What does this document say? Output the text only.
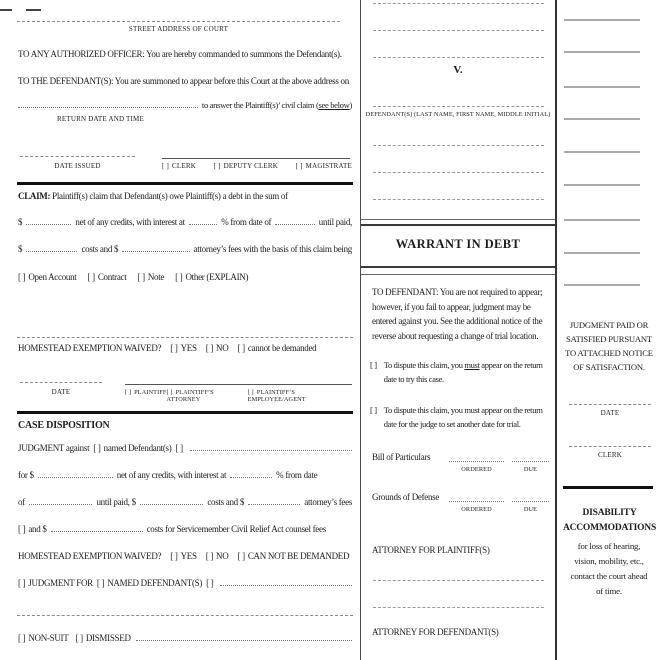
STREET ADDRESS OF COURT
TO ANY AUTHORIZED OFFICER: You are hereby commanded to summons the Defendant(s).
TO THE DEFENDANT(S): You are summoned to appear before this Court at the above address on
to answer the Plaintiff(s)’ civil claim (see below)
RETURN DATE AND TIME
DATE ISSUED	[ ] CLERK	[ ] DEPUTY CLERK	[ ] MAGISTRATE
CLAIM: Plaintiff(s) claim that Defendant(s) owe Plaintiff(s) a debt in the sum of
$	net of any credits, with interest at	% from date of	until paid,
$	costs and $	attorney’s fees with the basis of this claim being
[ ] Open Account [ ] Contract [ ] Note [ ] Other (EXPLAIN)
HOMESTEAD EXEMPTION WAIVED? [ ] YES [ ] NO [ ] cannot be demanded
DATE	[ ] PLAINTIFF [ ] PLAINTIFF’S ATTORNEY
[ ] PLAINTIFF’S EMPLOYEE/AGENT
CASE DISPOSITION
JUDGMENT against [ ] named Defendant(s) [ ]
for $	net of any credits, with interest at	% from date
of	until paid, $	costs and $	attorney’s fees
[ ] and $	costs for Servicemember Civil Relief Act counsel fees
HOMESTEAD EXEMPTION WAIVED? [ ] YES [ ] NO [ ] CAN NOT BE DEMANDED
[ ] JUDGMENT FOR [ ] NAMED DEFENDANT(S) [ ]
[ ] NON-SUIT [ ] DISMISSED
V.
DEFENDANT(S) (LAST NAME, FIRST NAME, MIDDLE INITIAL)
WARRANT IN DEBT
TO DEFENDANT: You are not required to appear; however, if you fail to appear, judgment may be entered against you. See the additional notice of the reverse about requesting a change of trial location.
[ ] To dispute this claim, you must appear on the return date to try this case.
[ ] To dispute this claim, you must appear on the return date for the judge to set another date for trial.
Bill of Particulars
ORDERED	DUE
Grounds of Defense
ORDERED	DUE
ATTORNEY FOR PLAINTIFF(S)
ATTORNEY FOR DEFENDANT(S)
JUDGMENT PAID OR
SATISFIED PURSUANT
TO ATTACHED NOTICE
OF SATISFACTION.
DATE
CLERK
DISABILITY
ACCOMMODATIONS
for loss of hearing,
vision, mobility, etc.,
contact the court ahead
of time.
